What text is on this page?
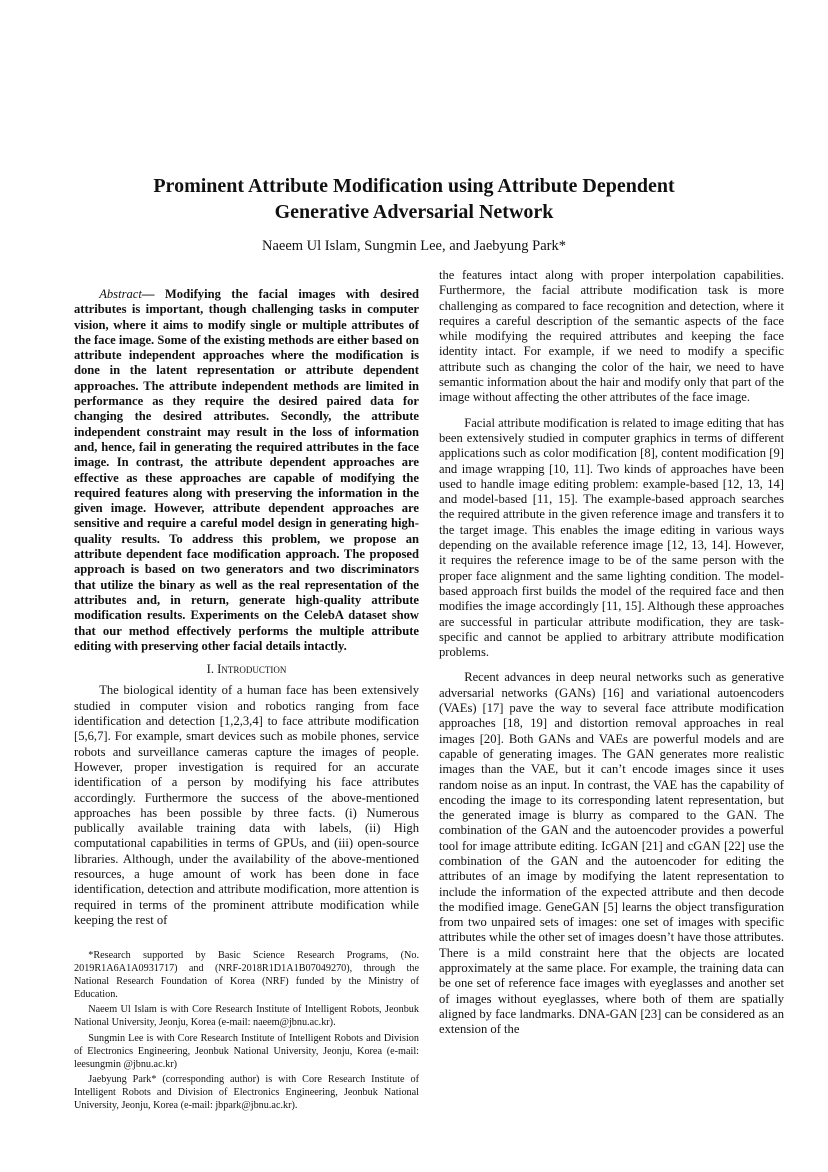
Prominent Attribute Modification using Attribute Dependent
Generative Adversarial Network
Naeem Ul Islam, Sungmin Lee, and Jaebyung Park*

Abstract— Modifying the facial images with desired attributes is important, though challenging tasks in computer vision, where it aims to modify single or multiple attributes of the face image. Some of the existing methods are either based on attribute independent approaches where the modification is done in the latent representation or attribute dependent approaches. The attribute independent methods are limited in performance as they require the desired paired data for changing the desired attributes. Secondly, the attribute independent constraint may result in the loss of information and, hence, fail in generating the required attributes in the face image. In contrast, the attribute dependent approaches are effective as these approaches are capable of modifying the required features along with preserving the information in the given image. However, attribute dependent approaches are sensitive and require a careful model design in generating high-quality results. To address this problem, we propose an attribute dependent face modification approach. The proposed approach is based on two generators and two discriminators that utilize the binary as well as the real representation of the attributes and, in return, generate high-quality attribute modification results. Experiments on the CelebA dataset show that our method effectively performs the multiple attribute editing with preserving other facial details intactly.

I. Introduction

The biological identity of a human face has been extensively studied in computer vision and robotics ranging from face identification and detection [1,2,3,4] to face attribute modification [5,6,7]. For example, smart devices such as mobile phones, service robots and surveillance cameras capture the images of people. However, proper investigation is required for an accurate identification of a person by modifying his face attributes accordingly. Furthermore the success of the above-mentioned approaches has been possible by three facts. (i) Numerous publically available training data with labels, (ii) High computational capabilities in terms of GPUs, and (iii) open-source libraries. Although, under the availability of the above-mentioned resources, a huge amount of work has been done in face identification, detection and attribute modification, more attention is required in terms of the prominent attribute modification while keeping the rest of

*Research supported by Basic Science Research Programs, (No. 2019R1A6A1A0931717) and (NRF-2018R1D1A1B07049270), through the National Research Foundation of Korea (NRF) funded by the Ministry of Education.

Naeem Ul Islam is with Core Research Institute of Intelligent Robots, Jeonbuk National University, Jeonju, Korea (e-mail: naeem@jbnu.ac.kr).

Sungmin Lee is with Core Research Institute of Intelligent Robots and Division of Electronics Engineering, Jeonbuk National University, Jeonju, Korea (e-mail: leesungmin @jbnu.ac.kr)

Jaebyung Park* (corresponding author) is with Core Research Institute of Intelligent Robots and Division of Electronics Engineering, Jeonbuk National University, Jeonju, Korea (e-mail: jbpark@jbnu.ac.kr).

the features intact along with proper interpolation capabilities. Furthermore, the facial attribute modification task is more challenging as compared to face recognition and detection, where it requires a careful description of the semantic aspects of the face while modifying the required attributes and keeping the face identity intact. For example, if we need to modify a specific attribute such as changing the color of the hair, we need to have semantic information about the hair and modify only that part of the image without affecting the other attributes of the face image.

Facial attribute modification is related to image editing that has been extensively studied in computer graphics in terms of different applications such as color modification [8], content modification [9] and image wrapping [10, 11]. Two kinds of approaches have been used to handle image editing problem: example-based [12, 13, 14] and model-based [11, 15]. The example-based approach searches the required attribute in the given reference image and transfers it to the target image. This enables the image editing in various ways depending on the available reference image [12, 13, 14]. However, it requires the reference image to be of the same person with the proper face alignment and the same lighting condition. The model-based approach first builds the model of the required face and then modifies the image accordingly [11, 15]. Although these approaches are successful in particular attribute modification, they are task-specific and cannot be applied to arbitrary attribute modification problems.

Recent advances in deep neural networks such as generative adversarial networks (GANs) [16] and variational autoencoders (VAEs) [17] pave the way to several face attribute modification approaches [18, 19] and distortion removal approaches in real images [20]. Both GANs and VAEs are powerful models and are capable of generating images. The GAN generates more realistic images than the VAE, but it can’t encode images since it uses random noise as an input. In contrast, the VAE has the capability of encoding the image to its corresponding latent representation, but the generated image is blurry as compared to the GAN. The combination of the GAN and the autoencoder provides a powerful tool for image attribute editing. IcGAN [21] and cGAN [22] use the combination of the GAN and the autoencoder for editing the attributes of an image by modifying the latent representation to include the information of the expected attribute and then decode the modified image. GeneGAN [5] learns the object transfiguration from two unpaired sets of images: one set of images with specific attributes while the other set of images doesn’t have those attributes. There is a mild constraint here that the objects are located approximately at the same place. For example, the training data can be one set of reference face images with eyeglasses and another set of images without eyeglasses, where both of them are spatially aligned by face landmarks. DNA-GAN [23] can be considered as an extension of the
